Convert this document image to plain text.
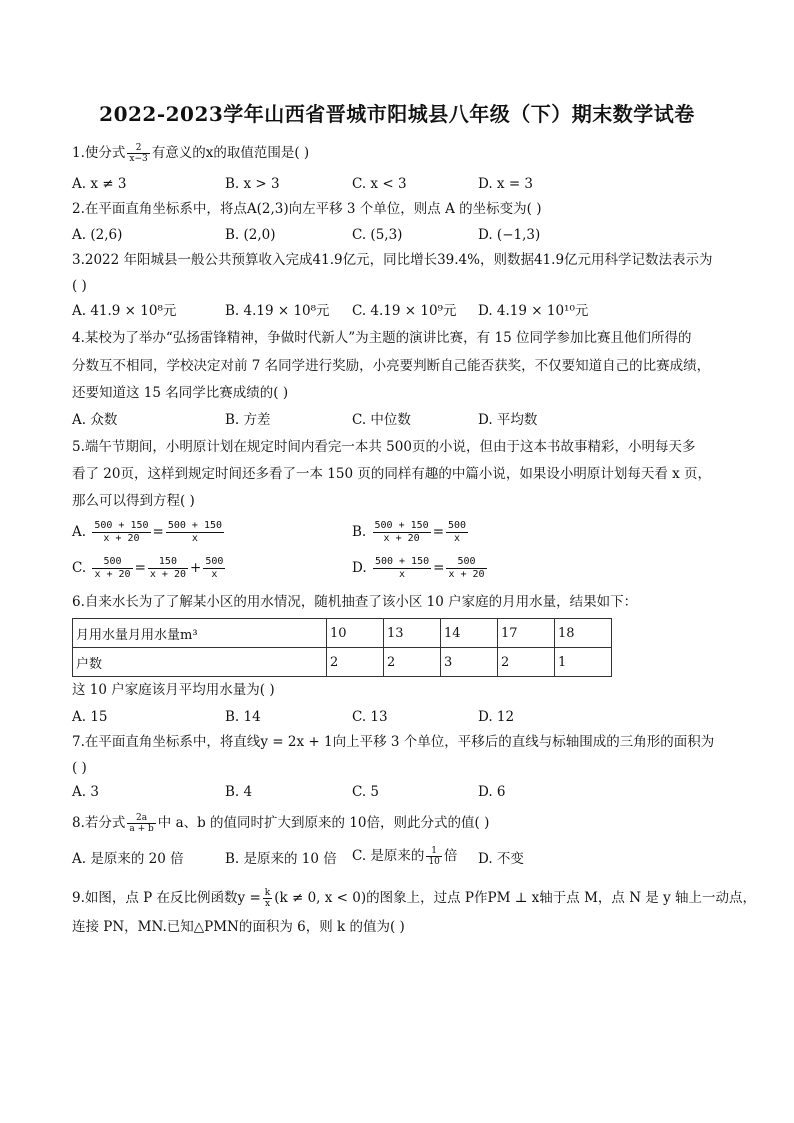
2022-2023学年山西省晋城市阳城县八年级（下）期末数学试卷
1.使分式 $\frac{2}{x-3}$ 有意义的x的取值范围是( )
A. x ≠ 3	B. x > 3	C. x < 3	D. x = 3
2.在平面直角坐标系中，将点A(2,3)向左平移 3 个单位，则点 A 的坐标变为( )
A. (2,6)	B. (2,0)	C. (5,3)	D. (−1,3)
3.2022 年阳城县一般公共预算收入完成41.9亿元，同比增长39.4%，则数据41.9亿元用科学记数法表示为
( )
A. 41.9 × 10⁸元	B. 4.19 × 10⁸元 C. 4.19 × 10⁹元 D. 4.19 × 10¹⁰元
4.某校为了举办“弘扬雷锋精神，争做时代新人”为主题的演讲比赛，有 15 位同学参加比赛且他们所得的
分数互不相同，学校决定对前 7 名同学进行奖励，小亮要判断自己能否获奖，不仅要知道自己的比赛成绩，
还要知道这 15 名同学比赛成绩的( )
A. 众数	B. 方差	C. 中位数	D. 平均数
5.端午节期间，小明原计划在规定时间内看完一本共 500页的小说，但由于这本书故事精彩，小明每天多
看了 20页，这样到规定时间还多看了一本 150 页的同样有趣的中篇小说，如果设小明原计划每天看 x 页，
那么可以得到方程( )
A. $\frac{500 + 150}{x + 20} = \frac{500 + 150}{x}$	B. $\frac{500 + 150}{x + 20} = \frac{500}{x}$
C. $\frac{500}{x + 20} = \frac{150}{x + 20} + \frac{500}{x}$	D. $\frac{500 + 150}{x} = \frac{500}{x + 20}$
6.自来水长为了了解某小区的用水情况，随机抽查了该小区 10 户家庭的月用水量，结果如下：
月用水量月用水量m³	10	13	14	17	18
户数	2	2	3	2	1
这 10 户家庭该月平均用水量为( )
A. 15	B. 14	C. 13	D. 12
7.在平面直角坐标系中，将直线y = 2x + 1向上平移 3 个单位，平移后的直线与标轴围成的三角形的面积为
( )
A. 3	B. 4	C. 5	D. 6
8.若分式 $\frac{2a}{a + b}$ 中 a、b 的值同时扩大到原来的 10倍，则此分式的值( )
A. 是原来的 20 倍	B. 是原来的 10 倍 C. 是原来的 $\frac{1}{10}$ 倍 D. 不变
9.如图，点 P 在反比例函数$y = \frac{k}{x} (k \ne 0$, x < 0)的图象上，过点 P作PM ⊥ x轴于点 M，点 N 是 y 轴上一动点，
连接 PN，MN.已知△PMN的面积为 6，则 k 的值为( )
